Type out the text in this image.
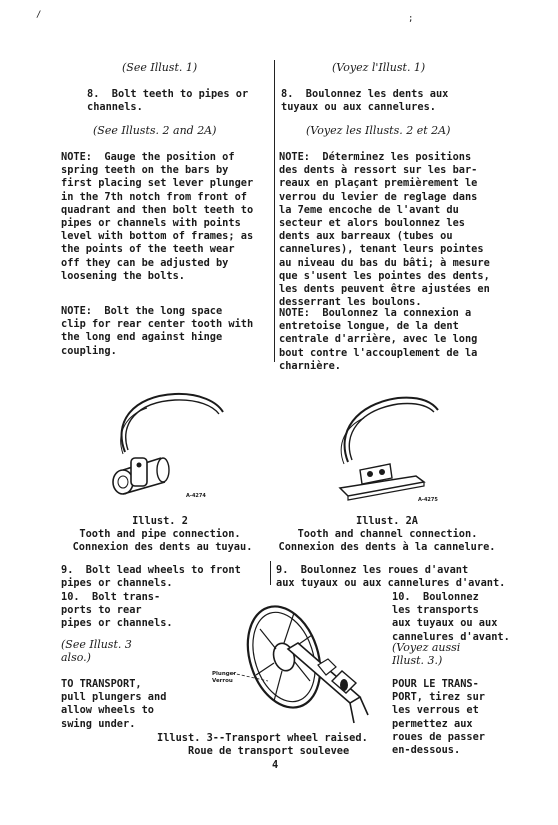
/	;
(See Illust. 1)
8.  Bolt teeth to pipes or
channels.
(See Illusts. 2 and 2A)
NOTE:  Gauge the position of
spring teeth on the bars by
first placing set lever plunger
in the 7th notch from front of
quadrant and then bolt teeth to
pipes or channels with points
level with bottom of frames; as
the points of the teeth wear
off they can be adjusted by
loosening the bolts.
NOTE:  Bolt the long space
clip for rear center tooth with
the long end against hinge
coupling.
(Voyez l'Illust. 1)
8.  Boulonnez les dents aux
tuyaux ou aux cannelures.
(Voyez les Illusts. 2 et 2A)
NOTE:  Déterminez les positions
des dents à ressort sur les bar-
reaux en plaçant premièrement le
verrou du levier de reglage dans
la 7eme encoche de l'avant du
secteur et alors boulonnez les
dents aux barreaux (tubes ou
cannelures), tenant leurs pointes
au niveau du bas du bâti; à mesure
que s'usent les pointes des dents,
les dents peuvent être ajustées en
desserrant les boulons.
NOTE:  Boulonnez la connexion a
entretoise longue, de la dent
centrale d'arrière, avec le long
bout contre l'accouplement de la
charnière.
A-4274
A-4275
Illust. 2
Tooth and pipe connection.
Connexion des dents au tuyau.
Illust. 2A
Tooth and channel connection.
Connexion des dents à la cannelure.
9.  Bolt lead wheels to front
pipes or channels.
10.  Bolt trans-
ports to rear
pipes or channels.
(See Illust. 3
also.)
TO TRANSPORT,
pull plungers and
allow wheels to
swing under.
9.  Boulonnez les roues d'avant
aux tuyaux ou aux cannelures d'avant.
10.  Boulonnez
les transports
aux tuyaux ou aux
cannelures d'avant.
(Voyez aussi
Illust. 3.)
POUR LE TRANS-
PORT, tirez sur
les verrous et
permettez aux
roues de passer
en-dessous.
Plunger
Verrou
Illust. 3--Transport wheel raised.
Roue de transport soulevee
4
